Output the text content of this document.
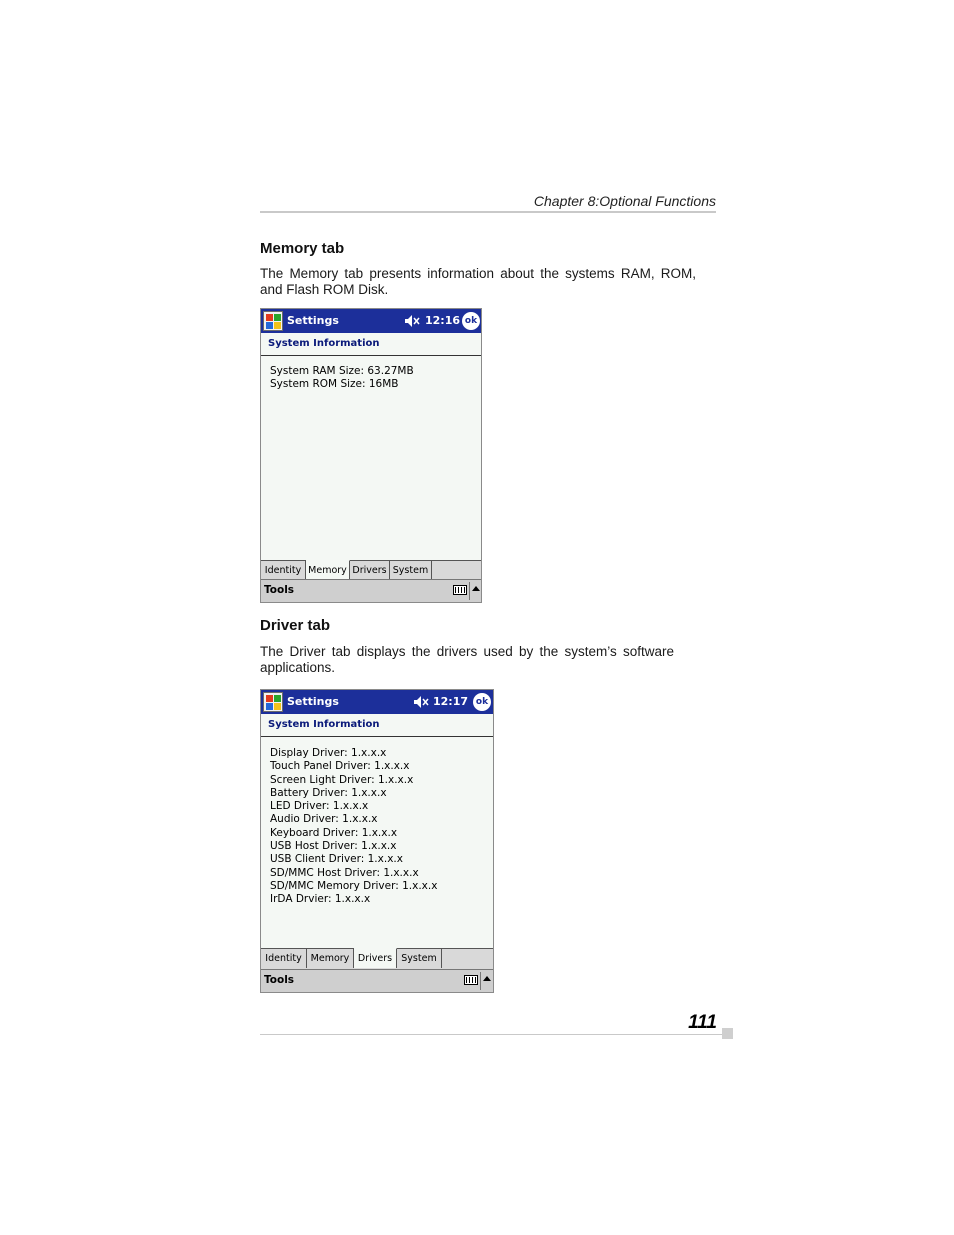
Chapter 8:Optional Functions
Memory tab
The Memory tab presents information about the systems RAM, ROM,
and Flash ROM Disk.
Settings	12:16 ok
System Information
System RAM Size: 63.27MB
System ROM Size: 16MB
Identity Memory Drivers System
Tools
Driver tab
The Driver tab displays the drivers used by the system’s software
applications.
Settings	12:17 ok
System Information
Display Driver: 1.x.x.x
Touch Panel Driver: 1.x.x.x
Screen Light Driver: 1.x.x.x
Battery Driver: 1.x.x.x
LED Driver: 1.x.x.x
Audio Driver: 1.x.x.x
Keyboard Driver: 1.x.x.x
USB Host Driver: 1.x.x.x
USB Client Driver: 1.x.x.x
SD/MMC Host Driver: 1.x.x.x
SD/MMC Memory Driver: 1.x.x.x
IrDA Drvier: 1.x.x.x
Identity Memory Drivers System
Tools
111
